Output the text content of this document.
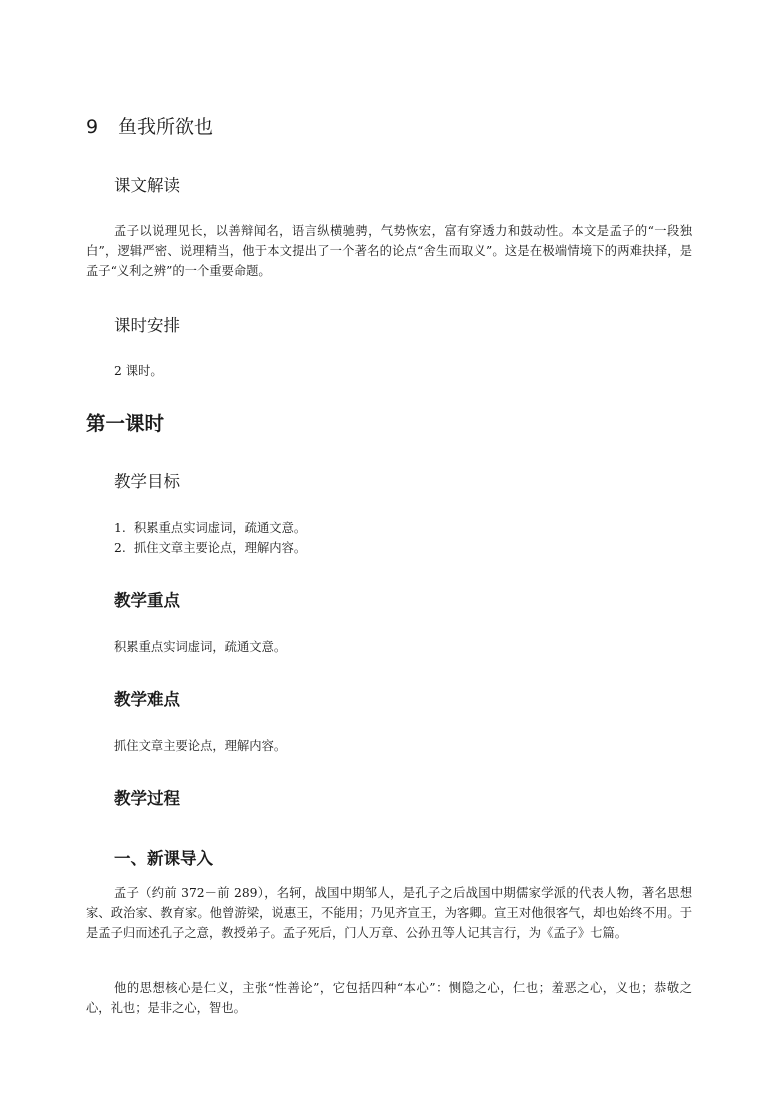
9 鱼我所欲也
课文解读

孟子以说理见长，以善辩闻名，语言纵横驰骋，气势恢宏，富有穿透力和鼓动性。本文是孟子的“一段独白”，逻辑严密、说理精当，他于本文提出了一个著名的论点“舍生而取义”。这是在极端情境下的两难抉择，是孟子“义利之辨”的一个重要命题。

课时安排

2 课时。

第一课时
教学目标
1. 积累重点实词虚词，疏通文意。
2. 抓住文章主要论点，理解内容。
教学重点

积累重点实词虚词，疏通文意。

教学难点

抓住文章主要论点，理解内容。

教学过程
一、新课导入

孟子（约前 372－前 289），名轲，战国中期邹人，是孔子之后战国中期儒家学派的代表人物，著名思想家、政治家、教育家。他曾游梁，说惠王，不能用；乃见齐宣王，为客卿。宣王对他很客气，却也始终不用。于是孟子归而述孔子之意，教授弟子。孟子死后，门人万章、公孙丑等人记其言行，为《孟子》七篇。

他的思想核心是仁义，主张“性善论”，它包括四种“本心”：恻隐之心，仁也；羞恶之心，义也；恭敬之心，礼也；是非之心，智也。
